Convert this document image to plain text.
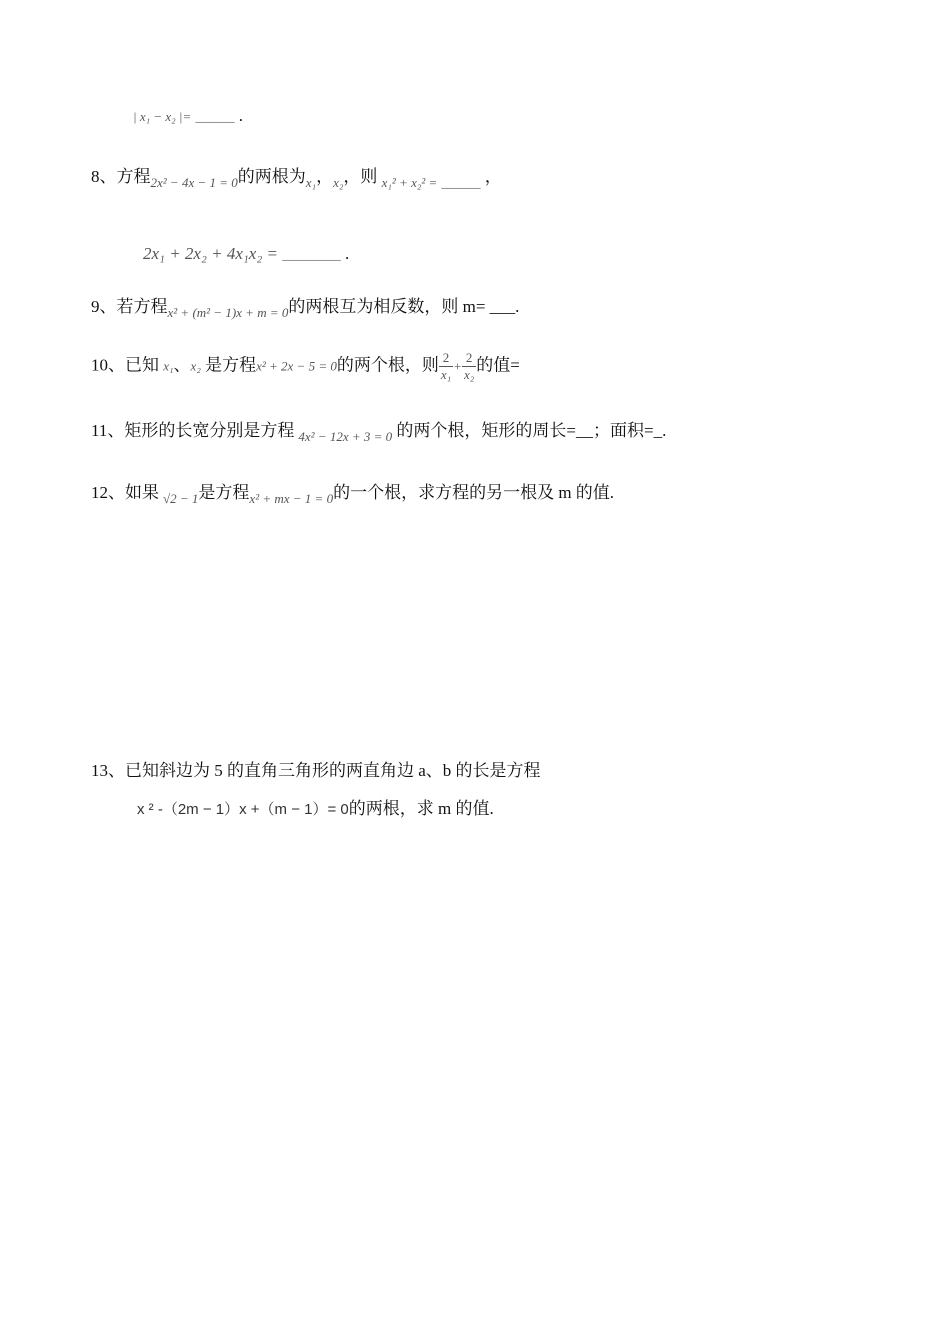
| x₁ − x₂ |= ______ .
8、方程$_{2x^2 - 4x - 1 = 0}$的两根为$_{x_1}$，$_{x_2}$，则 $_{x_1^2 + x_2^2 =}$ $_{\_\_\_\_\_\_}$ ，
2x₁ + 2x₂ + 4x₁x₂ = _________ .
9、若方程$_{x^2 + (m^2 - 1)x + m = 0}$的两根互为相反数，则 m= ___.
10、已知 x₁、x₂ 是方程x² + 2x − 5 = 0的两个根，则 $\frac{2}{\text{x₁}} + \frac{2}{\text{x₂}}$ 的值=
11、矩形的长宽分别是方程 $_{4x^2 - 12x + 3 = 0}$ 的两个根，矩形的周长=__；面积=_.
12、如果 $_{√2 - 1}$是方程$_{x^2 + mx - 1 = 0}$的一个根，求方程的另一根及 m 的值.
13、已知斜边为 5 的直角三角形的两直角边 a、b 的长是方程
x ² -（2m − 1）x +（m − 1）= 0的两根，求 m 的值.
